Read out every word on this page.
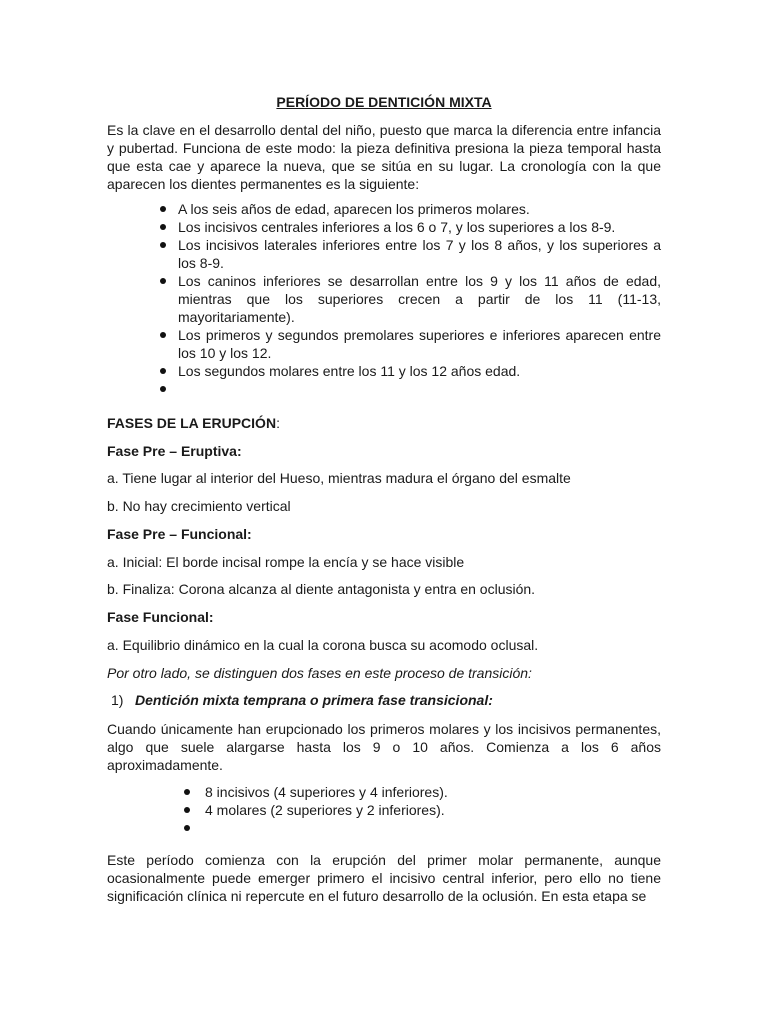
PERÍODO DE DENTICIÓN MIXTA

Es la clave en el desarrollo dental del niño, puesto que marca la diferencia entre infancia y pubertad. Funciona de este modo: la pieza definitiva presiona la pieza temporal hasta que esta cae y aparece la nueva, que se sitúa en su lugar. La cronología con la que aparecen los dientes permanentes es la siguiente:

A los seis años de edad, aparecen los primeros molares.
Los incisivos centrales inferiores a los 6 o 7, y los superiores a los 8-9.
Los incisivos laterales inferiores entre los 7 y los 8 años, y los superiores a los 8-9.
Los caninos inferiores se desarrollan entre los 9 y los 11 años de edad, mientras que los superiores crecen a partir de los 11 (11-13, mayoritariamente).
Los primeros y segundos premolares superiores e inferiores aparecen entre los 10 y los 12.
Los segundos molares entre los 11 y los 12 años edad.

FASES DE LA ERUPCIÓN:
Fase Pre – Eruptiva:
a. Tiene lugar al interior del Hueso, mientras madura el órgano del esmalte
b. No hay crecimiento vertical
Fase Pre – Funcional:
a. Inicial: El borde incisal rompe la encía y se hace visible
b. Finaliza: Corona alcanza al diente antagonista y entra en oclusión.
Fase Funcional:
a. Equilibrio dinámico en la cual la corona busca su acomodo oclusal.
Por otro lado, se distinguen dos fases en este proceso de transición:
1) Dentición mixta temprana o primera fase transicional:

Cuando únicamente han erupcionado los primeros molares y los incisivos permanentes, algo que suele alargarse hasta los 9 o 10 años. Comienza a los 6 años aproximadamente.

8 incisivos (4 superiores y 4 inferiores).
4 molares (2 superiores y 2 inferiores).

Este período comienza con la erupción del primer molar permanente, aunque ocasionalmente puede emerger primero el incisivo central inferior, pero ello no tiene significación clínica ni repercute en el futuro desarrollo de la oclusión. En esta etapa se
